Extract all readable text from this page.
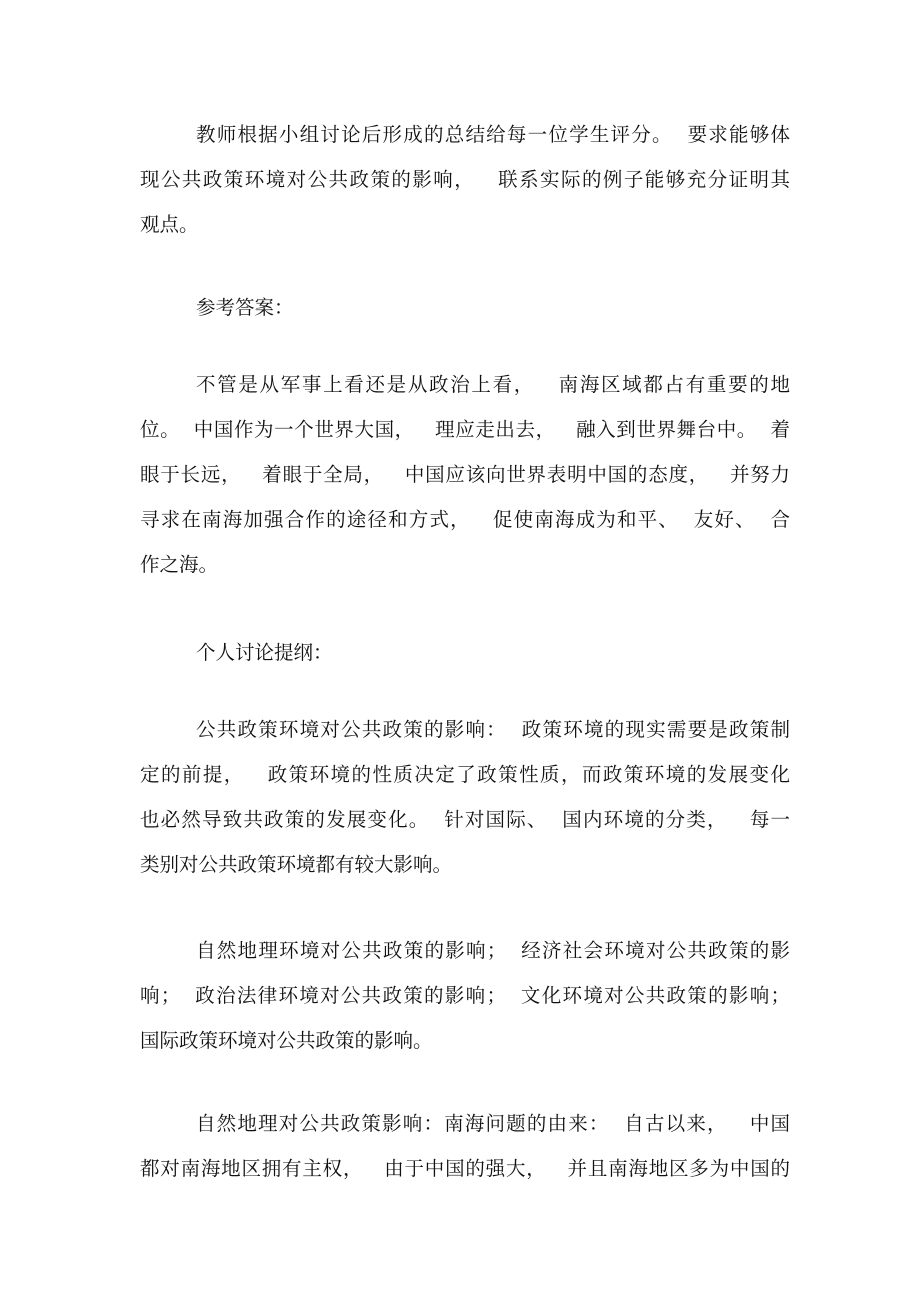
教师根据小组讨论后形成的总结给每一位学生评分。  要求能够体
现公共政策环境对公共政策的影响，   联系实际的例子能够充分证明其
观点。
参考答案：
不管是从军事上看还是从政治上看，   南海区域都占有重要的地
位。  中国作为一个世界大国，   理应走出去，   融入到世界舞台中。  着
眼于长远，   着眼于全局，   中国应该向世界表明中国的态度，   并努力
寻求在南海加强合作的途径和方式，   促使南海成为和平、  友好、  合
作之海。
个人讨论提纲：
公共政策环境对公共政策的影响：  政策环境的现实需要是政策制
定的前提，   政策环境的性质决定了政策性质，而政策环境的发展变化
也必然导致共政策的发展变化。  针对国际、  国内环境的分类，   每一
类别对公共政策环境都有较大影响。
自然地理环境对公共政策的影响；  经济社会环境对公共政策的影
响；  政治法律环境对公共政策的影响；  文化环境对公共政策的影响；
国际政策环境对公共政策的影响。
自然地理对公共政策影响：南海问题的由来：  自古以来，   中国
都对南海地区拥有主权，   由于中国的强大，   并且南海地区多为中国的
